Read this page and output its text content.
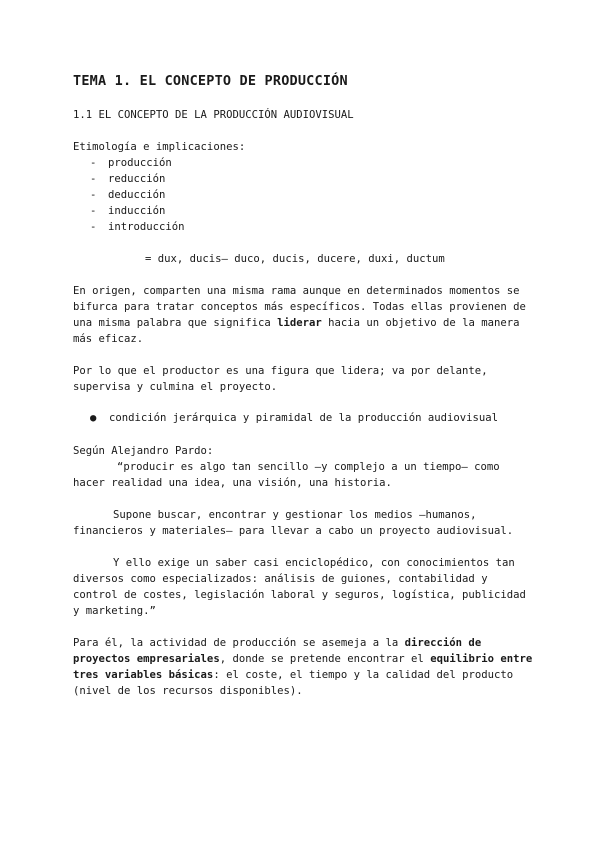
TEMA 1. EL CONCEPTO DE PRODUCCIÓN
1.1 EL CONCEPTO DE LA PRODUCCIÓN AUDIOVISUAL
Etimología e implicaciones:
- producción
- reducción
- deducción
- inducción
- introducción
= dux, ducis– duco, ducis, ducere, duxi, ductum
En origen, comparten una misma rama aunque en determinados momentos se bifurca para tratar conceptos más específicos. Todas ellas provienen de una misma palabra que significa liderar hacia un objetivo de la manera más eficaz.
Por lo que el productor es una figura que lidera; va por delante, supervisa y culmina el proyecto.
● condición jerárquica y piramidal de la producción audiovisual
Según Alejandro Pardo:
“producir es algo tan sencillo –y complejo a un tiempo– como hacer realidad una idea, una visión, una historia.
Supone buscar, encontrar y gestionar los medios –humanos, financieros y materiales– para llevar a cabo un proyecto audiovisual.
Y ello exige un saber casi enciclopédico, con conocimientos tan diversos como especializados: análisis de guiones, contabilidad y control de costes, legislación laboral y seguros, logística, publicidad y marketing.”
Para él, la actividad de producción se asemeja a la dirección de proyectos empresariales, donde se pretende encontrar el equilibrio entre tres variables básicas: el coste, el tiempo y la calidad del producto (nivel de los recursos disponibles).
